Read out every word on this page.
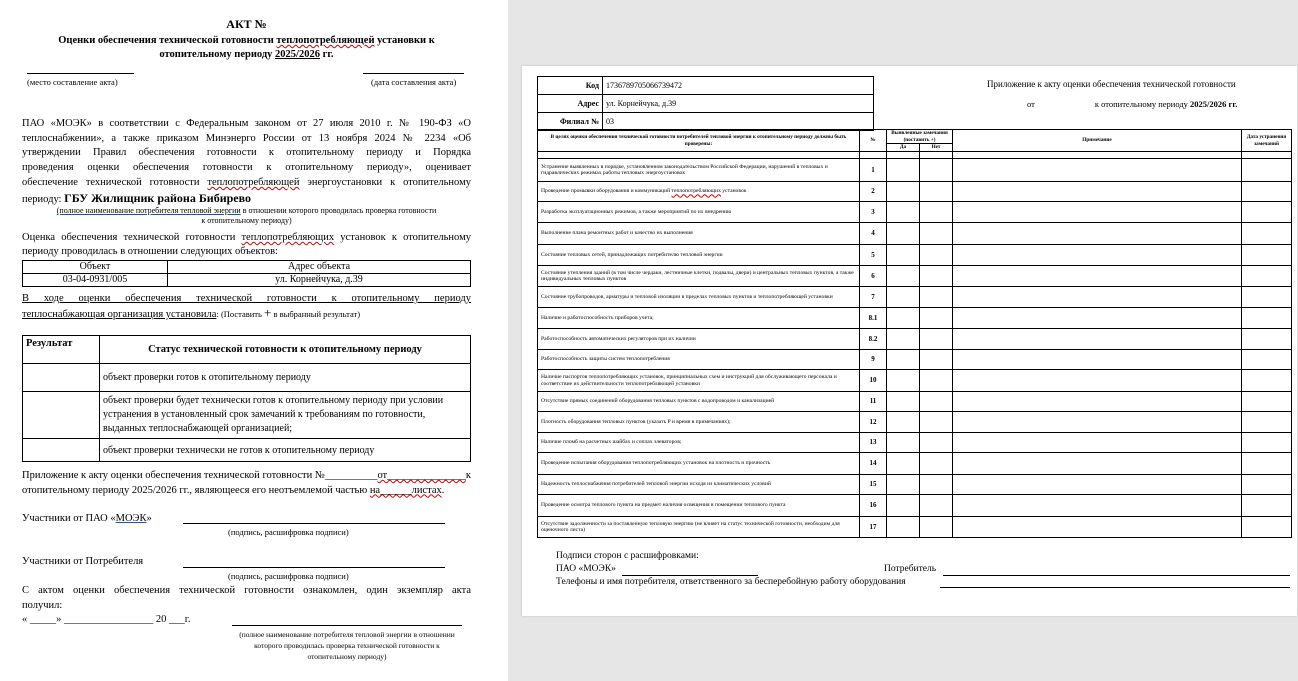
АКТ №
Оценки обеспечения технической готовности теплопотребляющей установки к
отопительному периоду 2025/2026 гг.
(место составление акта)	(дата составления акта)
ПАО «МОЭК» в соответствии с Федеральным законом от 27 июля 2010 г. № 190-ФЗ «О
теплоснабжении», а также приказом Минэнерго России от 13 ноября 2024 № 2234 «Об
утверждении Правил обеспечения готовности к отопительному периоду и Порядка
проведения оценки обеспечения готовности к отопительному периоду», оценивает
обеспечение технической готовности теплопотребляющей энергоустановки к отопительному
периоду: ГБУ Жилищник района Бибирево
(полное наименование потребителя тепловой энергии в отношении которого проводилась проверка готовности
к отопительному периоду)
Оценка обеспечения технической готовности теплопотребляющих установок к отопительному
периоду проводилась в отношении следующих объектов:
Объект	Адрес объекта
03-04-0931/005	ул. Корнейчука, д.39
В ходе оценки обеспечения технической готовности к отопительному периоду
теплоснабжающая организация установила: (Поставить + в выбранный результат)
Результат	Статус технической готовности к отопительному периоду
	объект проверки готов к отопительному периоду
	объект проверки будет технически готов к отопительному периоду при условии устранения в установленный срок замечаний к требованиям по готовности, выданных теплоснабжающей организацией;
	объект проверки технически не готов к отопительному периоду
Приложение к акту оценки обеспечения технической готовности №__________от_______________к
отопительному периоду 2025/2026 гг., являющееся его неотъемлемой частью на______листах.
Участники от ПАО «МОЭК»
(подпись, расшифровка подписи)
Участники от Потребителя
(подпись, расшифровка подписи)
С актом оценки обеспечения технической готовности ознакомлен, один экземпляр акта
получил:
« _____» _________________ 20 ___г.
(полное наименование потребителя тепловой энергии в отношении
которого проводилась проверка технической готовности к
отопительному периоду)
Код	1736789705066739472
Адрес	ул. Корнейчука, д.39
Филиал №	03
Приложение к акту оценки обеспечения технической готовности
от	к отопительному периоду 2025/2026 гг.
В целях оценки обеспечения технической готовности потребителей тепловой энергии к отопительному периоду должны быть проверены:	№	Выявленные замечания (поставить +)		Примечание	Дата устранения замечаний
		Да	Нет		

Устранение выявленных в порядке, установленном законодательством Российской Федерации, нарушений в тепловых и гидравлических режимах работы тепловых энергоустановок	1				
Проведение промывки оборудования и коммуникаций теплопотребляющих установок	2				
Разработка эксплуатационных режимов, а также мероприятий по их внедрению	3				
Выполнение плана ремонтных работ и качество их выполнения	4				
Состояние тепловых сетей, принадлежащих потребителю тепловой энергии	5				
Состояние утепления зданий (в том числе чердаки, лестничные клетки, подвалы, двери) и центральных тепловых пунктов, а также индивидуальных тепловых пунктов	6				
Состояние трубопроводов, арматуры и тепловой изоляции в пределах тепловых пунктов и теплопотребляющей установки	7				
Наличие и работоспособность приборов учета;	8.1				
Работоспособность автоматических регуляторов при их наличии	8.2				
Работоспособность защиты систем теплопотребления	9				
Наличие паспортов теплопотребляющих установок, принципиальных схем и инструкций для обслуживающего персонала и соответствие их действительности теплопотребляющей установки	10				
Отсутствие прямых соединений оборудования тепловых пунктов с водопроводом и канализацией	11				
Плотность оборудования тепловых пунктов (указать P и время в примечаниях);	12				
Наличие пломб на расчетных шайбах и соплах элеваторов;	13				
Проведение испытания оборудования теплопотребляющих установок на плотность и прочность	14				
Надежность теплоснабжения потребителей тепловой энергии исходя из климатических условий	15				
Проведение осмотра теплового пункта на предмет наличия освещения в помещении теплового пункта	16				
Отсутствие задолженности за поставленную тепловую энергию (не влияет на статус технической готовности, необходим для оценочного листа)	17				
Подписи сторон с расшифровками:
ПАО «МОЭК»	Потребитель
Телефоны и имя потребителя, ответственного за бесперебойную работу оборудования
